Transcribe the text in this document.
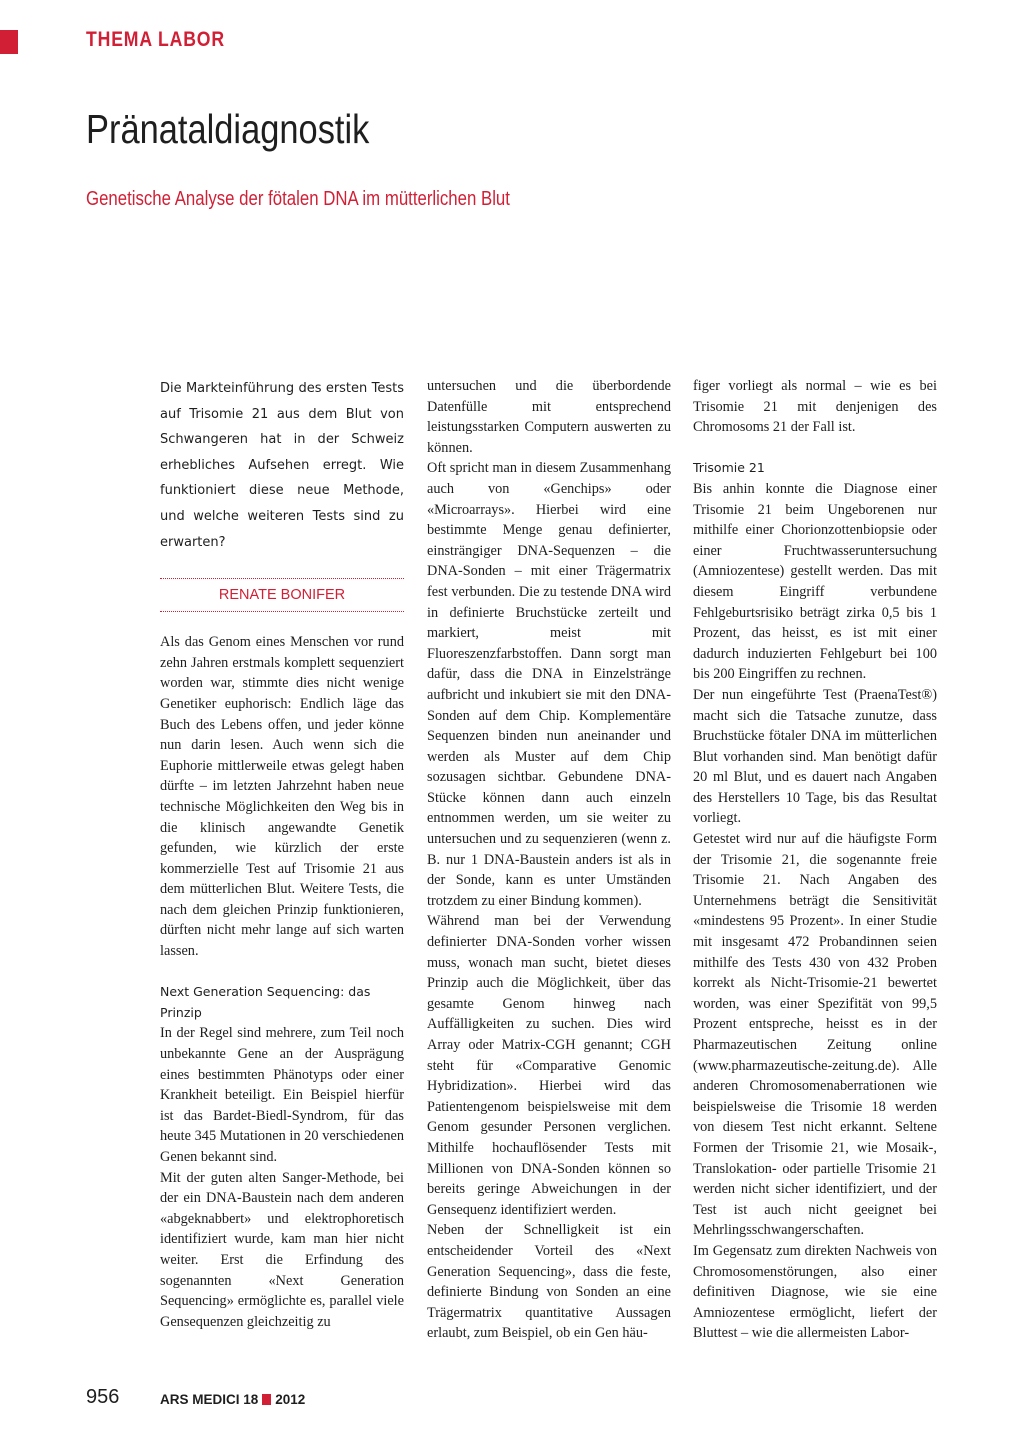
THEMA LABOR

Pränataldiagnostik
Genetische Analyse der fötalen DNA im mütterlichen Blut

Die Markteinführung des ersten Tests auf Trisomie 21 aus dem Blut von Schwangeren hat in der Schweiz erhebliches Aufsehen erregt. Wie funktioniert diese neue Methode, und welche weiteren Tests sind zu erwarten?

RENATE BONIFER

Als das Genom eines Menschen vor rund zehn Jahren erstmals komplett sequenziert worden war, stimmte dies nicht wenige Genetiker euphorisch: Endlich läge das Buch des Lebens offen, und jeder könne nun darin lesen. Auch wenn sich die Euphorie mittlerweile etwas gelegt haben dürfte – im letzten Jahrzehnt haben neue technische Möglichkeiten den Weg bis in die klinisch angewandte Genetik gefunden, wie kürzlich der erste kommerzielle Test auf Trisomie 21 aus dem mütterlichen Blut. Weitere Tests, die nach dem gleichen Prinzip funktionieren, dürften nicht mehr lange auf sich warten lassen.

Next Generation Sequencing: das Prinzip

In der Regel sind mehrere, zum Teil noch unbekannte Gene an der Ausprägung eines bestimmten Phänotyps oder einer Krankheit beteiligt. Ein Beispiel hierfür ist das Bardet-Biedl-Syndrom, für das heute 345 Mutationen in 20 verschiedenen Genen bekannt sind.

Mit der guten alten Sanger-Methode, bei der ein DNA-Baustein nach dem anderen «abgeknabbert» und elektrophoretisch identifiziert wurde, kam man hier nicht weiter. Erst die Erfindung des sogenannten «Next Generation Sequencing» ermöglichte es, parallel viele Gensequenzen gleichzeitig zu

untersuchen und die überbordende Datenfülle mit entsprechend leistungsstarken Computern auswerten zu können.

Oft spricht man in diesem Zusammenhang auch von «Genchips» oder «Microarrays». Hierbei wird eine bestimmte Menge genau definierter, einsträngiger DNA-Sequenzen – die DNA-Sonden – mit einer Trägermatrix fest verbunden. Die zu testende DNA wird in definierte Bruchstücke zerteilt und markiert, meist mit Fluoreszenzfarbstoffen. Dann sorgt man dafür, dass die DNA in Einzelstränge aufbricht und inkubiert sie mit den DNA-Sonden auf dem Chip. Komplementäre Sequenzen binden nun aneinander und werden als Muster auf dem Chip sozusagen sichtbar. Gebundene DNA-Stücke können dann auch einzeln entnommen werden, um sie weiter zu untersuchen und zu sequenzieren (wenn z. B. nur 1 DNA-Baustein anders ist als in der Sonde, kann es unter Umständen trotzdem zu einer Bindung kommen).

Während man bei der Verwendung definierter DNA-Sonden vorher wissen muss, wonach man sucht, bietet dieses Prinzip auch die Möglichkeit, über das gesamte Genom hinweg nach Auffälligkeiten zu suchen. Dies wird Array oder Matrix-CGH genannt; CGH steht für «Comparative Genomic Hybridization». Hierbei wird das Patientengenom beispielsweise mit dem Genom gesunder Personen verglichen. Mithilfe hochauflösender Tests mit Millionen von DNA-Sonden können so bereits geringe Abweichungen in der Gensequenz identifiziert werden.

Neben der Schnelligkeit ist ein entscheidender Vorteil des «Next Generation Sequencing», dass die feste, definierte Bindung von Sonden an eine Trägermatrix quantitative Aussagen erlaubt, zum Beispiel, ob ein Gen häu-

figer vorliegt als normal – wie es bei Trisomie 21 mit denjenigen des Chromosoms 21 der Fall ist.

Trisomie 21

Bis anhin konnte die Diagnose einer Trisomie 21 beim Ungeborenen nur mithilfe einer Chorionzottenbiopsie oder einer Fruchtwasseruntersuchung (Amniozentese) gestellt werden. Das mit diesem Eingriff verbundene Fehlgeburtsrisiko beträgt zirka 0,5 bis 1 Prozent, das heisst, es ist mit einer dadurch induzierten Fehlgeburt bei 100 bis 200 Eingriffen zu rechnen.

Der nun eingeführte Test (PraenaTest®) macht sich die Tatsache zunutze, dass Bruchstücke fötaler DNA im mütterlichen Blut vorhanden sind. Man benötigt dafür 20 ml Blut, und es dauert nach Angaben des Herstellers 10 Tage, bis das Resultat vorliegt.

Getestet wird nur auf die häufigste Form der Trisomie 21, die sogenannte freie Trisomie 21. Nach Angaben des Unternehmens beträgt die Sensitivität «mindestens 95 Prozent». In einer Studie mit insgesamt 472 Probandinnen seien mithilfe des Tests 430 von 432 Proben korrekt als Nicht-Trisomie-21 bewertet worden, was einer Spezifität von 99,5 Prozent entspreche, heisst es in der Pharmazeutischen Zeitung online (www.pharmazeutische-zeitung.de). Alle anderen Chromosomenaberrationen wie beispielsweise die Trisomie 18 werden von diesem Test nicht erkannt. Seltene Formen der Trisomie 21, wie Mosaik-, Translokation- oder partielle Trisomie 21 werden nicht sicher identifiziert, und der Test ist auch nicht geeignet bei Mehrlingsschwangerschaften.

Im Gegensatz zum direkten Nachweis von Chromosomenstörungen, also einer definitiven Diagnose, wie sie eine Amniozentese ermöglicht, liefert der Bluttest – wie die allermeisten Labor-

956	ARS MEDICI 18 2012
